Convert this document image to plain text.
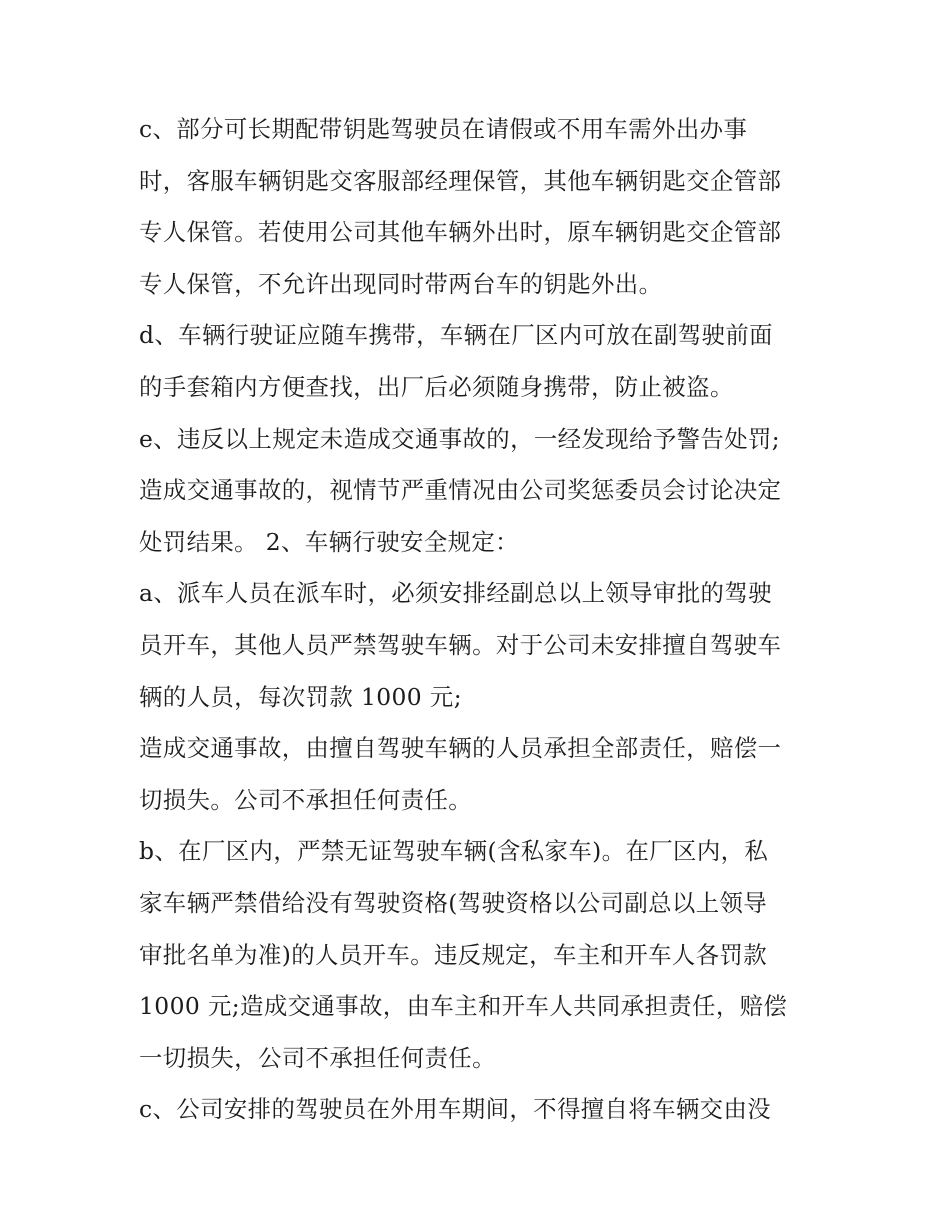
c、部分可长期配带钥匙驾驶员在请假或不用车需外出办事
时，客服车辆钥匙交客服部经理保管，其他车辆钥匙交企管部
专人保管。若使用公司其他车辆外出时，原车辆钥匙交企管部
专人保管，不允许出现同时带两台车的钥匙外出。
d、车辆行驶证应随车携带，车辆在厂区内可放在副驾驶前面
的手套箱内方便查找，出厂后必须随身携带，防止被盗。
e、违反以上规定未造成交通事故的，一经发现给予警告处罚;
造成交通事故的，视情节严重情况由公司奖惩委员会讨论决定
处罚结果。 2、车辆行驶安全规定：
a、派车人员在派车时，必须安排经副总以上领导审批的驾驶
员开车，其他人员严禁驾驶车辆。对于公司未安排擅自驾驶车
辆的人员，每次罚款 1000 元;
造成交通事故，由擅自驾驶车辆的人员承担全部责任，赔偿一
切损失。公司不承担任何责任。
b、在厂区内，严禁无证驾驶车辆(含私家车)。在厂区内，私
家车辆严禁借给没有驾驶资格(驾驶资格以公司副总以上领导
审批名单为准)的人员开车。违反规定，车主和开车人各罚款
1000 元;造成交通事故，由车主和开车人共同承担责任，赔偿
一切损失，公司不承担任何责任。
c、公司安排的驾驶员在外用车期间，不得擅自将车辆交由没
